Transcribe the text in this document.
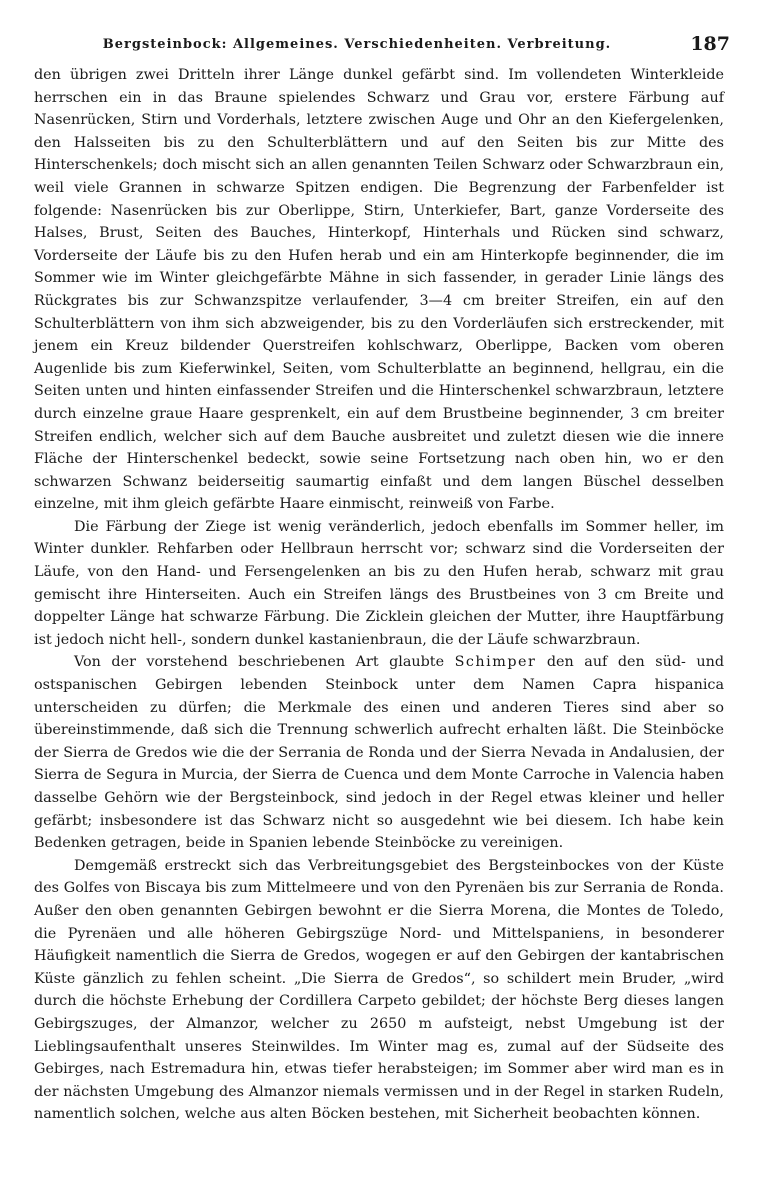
Bergsteinbock: Allgemeines. Verschiedenheiten. Verbreitung.	187

den übrigen zwei Dritteln ihrer Länge dunkel gefärbt sind. Im vollendeten Winterkleide herrschen ein in das Braune spielendes Schwarz und Grau vor, erstere Färbung auf Nasenrücken, Stirn und Vorderhals, letztere zwischen Auge und Ohr an den Kiefergelenken, den Halsseiten bis zu den Schulterblättern und auf den Seiten bis zur Mitte des Hinterschenkels; doch mischt sich an allen genannten Teilen Schwarz oder Schwarzbraun ein, weil viele Grannen in schwarze Spitzen endigen. Die Begrenzung der Farbenfelder ist folgende: Nasenrücken bis zur Oberlippe, Stirn, Unterkiefer, Bart, ganze Vorderseite des Halses, Brust, Seiten des Bauches, Hinterkopf, Hinterhals und Rücken sind schwarz, Vorderseite der Läufe bis zu den Hufen herab und ein am Hinterkopfe beginnender, die im Sommer wie im Winter gleichgefärbte Mähne in sich fassender, in gerader Linie längs des Rückgrates bis zur Schwanzspitze verlaufender, 3—4 cm breiter Streifen, ein auf den Schulterblättern von ihm sich abzweigender, bis zu den Vorderläufen sich erstreckender, mit jenem ein Kreuz bildender Querstreifen kohlschwarz, Oberlippe, Backen vom oberen Augenlide bis zum Kieferwinkel, Seiten, vom Schulterblatte an beginnend, hellgrau, ein die Seiten unten und hinten einfassender Streifen und die Hinterschenkel schwarzbraun, letztere durch einzelne graue Haare gesprenkelt, ein auf dem Brustbeine beginnender, 3 cm breiter Streifen endlich, welcher sich auf dem Bauche ausbreitet und zuletzt diesen wie die innere Fläche der Hinterschenkel bedeckt, sowie seine Fortsetzung nach oben hin, wo er den schwarzen Schwanz beiderseitig saumartig einfaßt und dem langen Büschel desselben einzelne, mit ihm gleich gefärbte Haare einmischt, reinweiß von Farbe.

Die Färbung der Ziege ist wenig veränderlich, jedoch ebenfalls im Sommer heller, im Winter dunkler. Rehfarben oder Hellbraun herrscht vor; schwarz sind die Vorderseiten der Läufe, von den Hand- und Fersengelenken an bis zu den Hufen herab, schwarz mit grau gemischt ihre Hinterseiten. Auch ein Streifen längs des Brustbeines von 3 cm Breite und doppelter Länge hat schwarze Färbung. Die Zicklein gleichen der Mutter, ihre Hauptfärbung ist jedoch nicht hell-, sondern dunkel kastanienbraun, die der Läufe schwarzbraun.

Von der vorstehend beschriebenen Art glaubte Schimper den auf den süd- und ostspanischen Gebirgen lebenden Steinbock unter dem Namen Capra hispanica unterscheiden zu dürfen; die Merkmale des einen und anderen Tieres sind aber so übereinstimmende, daß sich die Trennung schwerlich aufrecht erhalten läßt. Die Steinböcke der Sierra de Gredos wie die der Serrania de Ronda und der Sierra Nevada in Andalusien, der Sierra de Segura in Murcia, der Sierra de Cuenca und dem Monte Carroche in Valencia haben dasselbe Gehörn wie der Bergsteinbock, sind jedoch in der Regel etwas kleiner und heller gefärbt; insbesondere ist das Schwarz nicht so ausgedehnt wie bei diesem. Ich habe kein Bedenken getragen, beide in Spanien lebende Steinböcke zu vereinigen.

Demgemäß erstreckt sich das Verbreitungsgebiet des Bergsteinbockes von der Küste des Golfes von Biscaya bis zum Mittelmeere und von den Pyrenäen bis zur Serrania de Ronda. Außer den oben genannten Gebirgen bewohnt er die Sierra Morena, die Montes de Toledo, die Pyrenäen und alle höheren Gebirgszüge Nord- und Mittelspaniens, in besonderer Häufigkeit namentlich die Sierra de Gredos, wogegen er auf den Gebirgen der kantabrischen Küste gänzlich zu fehlen scheint. „Die Sierra de Gredos“, so schildert mein Bruder, „wird durch die höchste Erhebung der Cordillera Carpeto gebildet; der höchste Berg dieses langen Gebirgszuges, der Almanzor, welcher zu 2650 m aufsteigt, nebst Umgebung ist der Lieblingsaufenthalt unseres Steinwildes. Im Winter mag es, zumal auf der Südseite des Gebirges, nach Estremadura hin, etwas tiefer herabsteigen; im Sommer aber wird man es in der nächsten Umgebung des Almanzor niemals vermissen und in der Regel in starken Rudeln, namentlich solchen, welche aus alten Böcken bestehen, mit Sicherheit beobachten können.
